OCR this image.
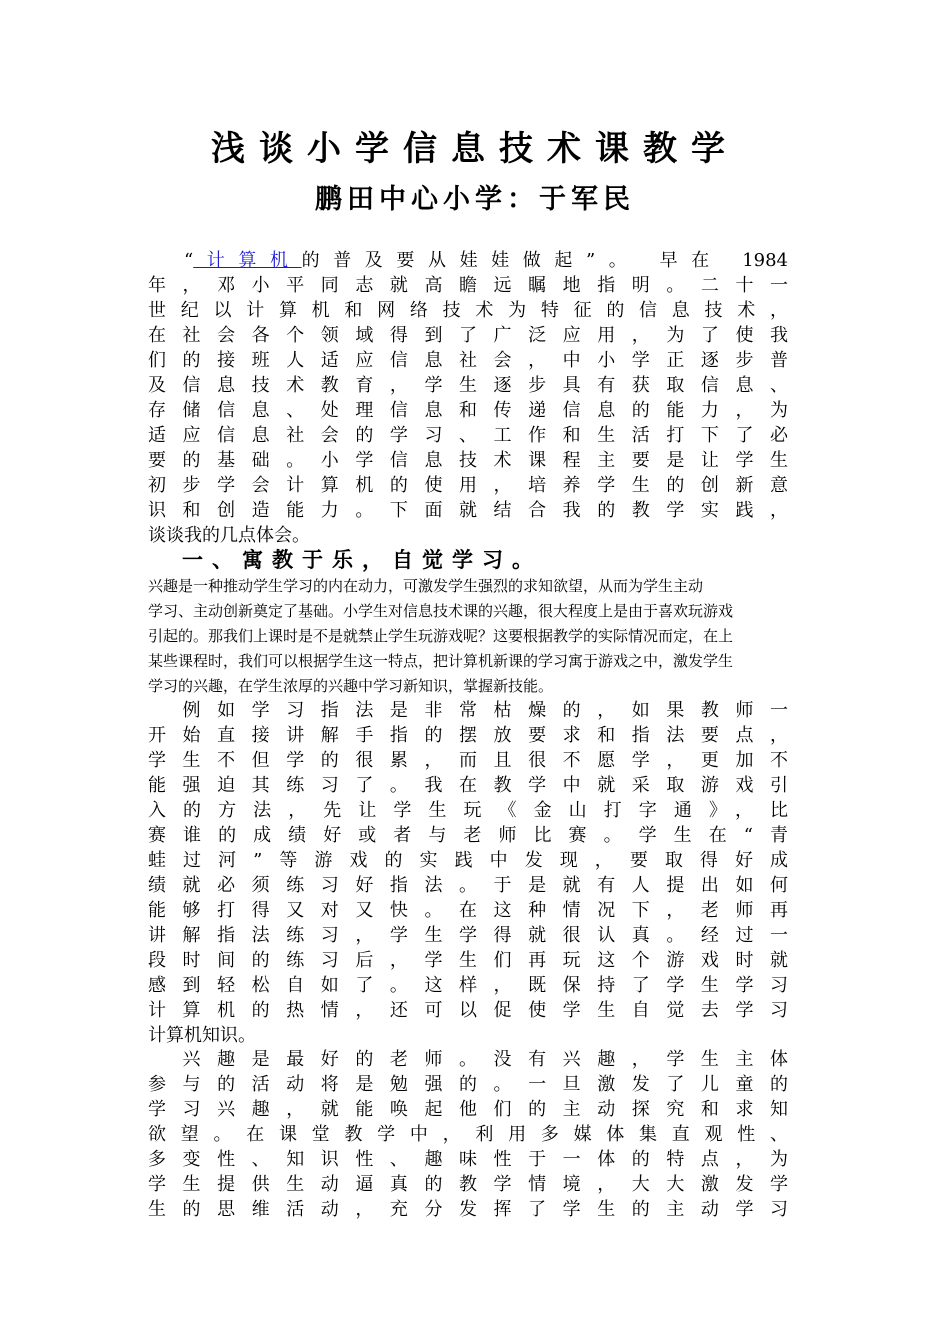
浅谈小学信息技术课教学
鹏田中心小学：于军民
“计算机的普及要从娃娃做起”。 早在 1984
年，邓小平同志就高瞻远瞩地指明。二十一
世纪以计算机和网络技术为特征的信息技术，
在社会各个领域得到了广泛应用，为了使我
们的接班人适应信息社会，中小学正逐步普
及信息技术教育，学生逐步具有获取信息、
存储信息、处理信息和传递信息的能力，为
适应信息社会的学习、工作和生活打下了必
要的基础。小学信息技术课程主要是让学生
初步学会计算机的使用，培养学生的创新意
识和创造能力。下面就结合我的教学实践，
谈谈我的几点体会。
一、寓教于乐，自觉学习。
兴趣是一种推动学生学习的内在动力，可激发学生强烈的求知欲望，从而为学生主动
学习、主动创新奠定了基础。小学生对信息技术课的兴趣，很大程度上是由于喜欢玩游戏
引起的。那我们上课时是不是就禁止学生玩游戏呢？这要根据教学的实际情况而定，在上
某些课程时，我们可以根据学生这一特点，把计算机新课的学习寓于游戏之中，激发学生
学习的兴趣，在学生浓厚的兴趣中学习新知识，掌握新技能。
　例如学习指法是非常枯燥的，如果教师一
开始直接讲解手指的摆放要求和指法要点，
学生不但学的很累，而且很不愿学，更加不
能强迫其练习了。我在教学中就采取游戏引
入的方法，先让学生玩《金山打字通》，比
赛谁的成绩好或者与老师比赛。学生在“青
蛙过河”等游戏的实践中发现，要取得好成
绩就必须练习好指法。于是就有人提出如何
能够打得又对又快。在这种情况下，老师再
讲解指法练习，学生学得就很认真。经过一
段时间的练习后，学生们再玩这个游戏时就
感到轻松自如了。这样，既保持了学生学习
计算机的热情，还可以促使学生自觉去学习
计算机知识。
　兴趣是最好的老师。没有兴趣，学生主体
参与的活动将是勉强的。一旦激发了儿童的
学习兴趣，就能唤起他们的主动探究和求知
欲望。在课堂教学中，利用多媒体集直观性、
多变性、知识性、趣味性于一体的特点，为
学生提供生动逼真的教学情境，大大激发学
生的思维活动，充分发挥了学生的主动学习
